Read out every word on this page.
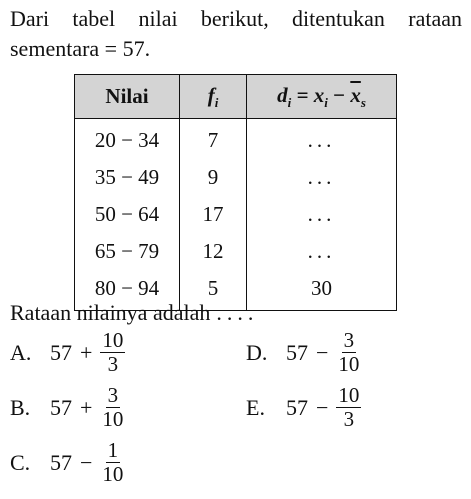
Dari tabel nilai berikut, ditentukan rataan sementara = 57.
Nilai	$f_i$	$d_i = x_i - \overline{x}_s$
20 − 34	7	...
35 − 49	9	...
50 − 64	17	...
65 − 79	12	...
80 − 94	5	30
Rataan nilainya adalah ....
A. $57 + \frac{10}{3}$	D. $57 - \frac{3}{10}$
B. $57 + \frac{3}{10}$	E. $57 - \frac{10}{3}$
C. $57 - \frac{1}{10}$
